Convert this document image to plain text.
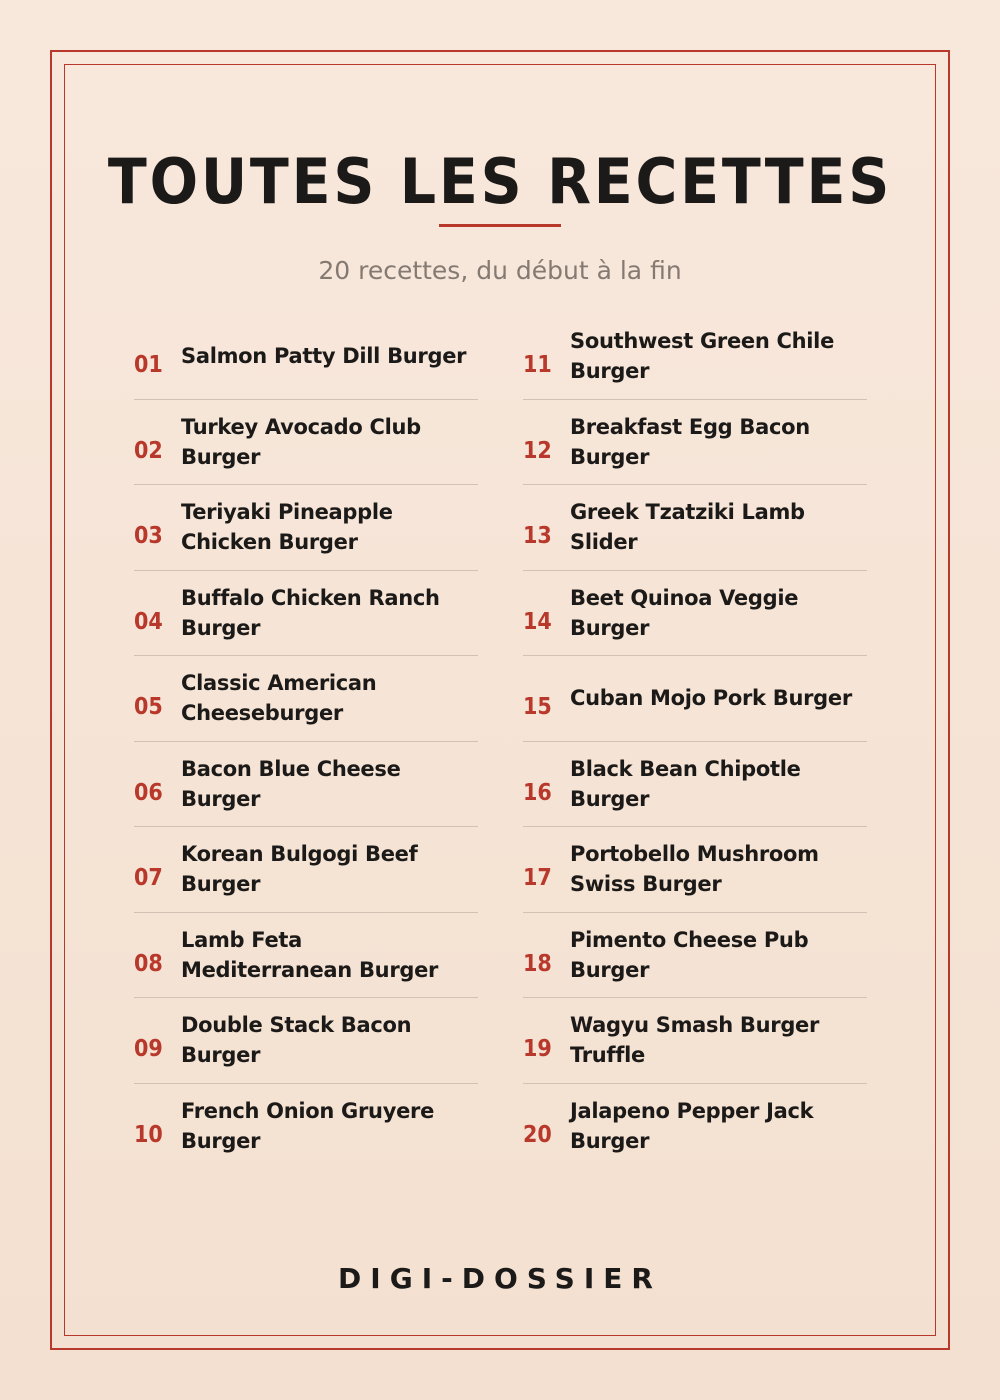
TOUTES LES RECETTES
20 recettes, du début à la fin
01 Salmon Patty Dill Burger
02
Turkey Avocado Club Burger
03
Teriyaki Pineapple Chicken Burger
04
Buffalo Chicken Ranch Burger
05
Classic American Cheeseburger
06
Bacon Blue Cheese Burger
07
Korean Bulgogi Beef Burger
08
Lamb Feta Mediterranean Burger
09
Double Stack Bacon Burger
10
French Onion Gruyere Burger
11
Southwest Green Chile Burger
12
Breakfast Egg Bacon Burger
13
Greek Tzatziki Lamb Slider
14
Beet Quinoa Veggie Burger
15 Cuban Mojo Pork Burger
16
Black Bean Chipotle Burger
17
Portobello Mushroom Swiss Burger
18
Pimento Cheese Pub Burger
19
Wagyu Smash Burger Truffle
20
Jalapeno Pepper Jack Burger
DIGI-DOSSIER
